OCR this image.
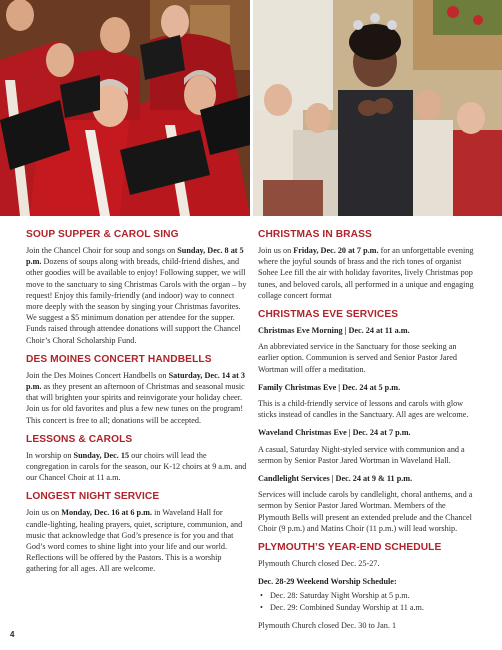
SOUP SUPPER & CAROL SING

Join the Chancel Choir for soup and songs on Sunday, Dec. 8 at 5 p.m. Dozens of soups along with breads, child-friend dishes, and other goodies will be available to enjoy! Following supper, we will move to the sanctuary to sing Christmas Carols with the organ – by request! Enjoy this family-friendly (and indoor) way to connect more deeply with the season by singing your Christmas favorites. We suggest a $5 minimum donation per attendee for the supper. Funds raised through attendee donations will support the Chancel Choir’s Choral Scholarship Fund.

DES MOINES CONCERT HANDBELLS

Join the Des Moines Concert Handbells on Saturday, Dec. 14 at 3 p.m. as they present an afternoon of Christmas and seasonal music that will brighten your spirits and reinvigorate your holiday cheer. Join us for old favorites and plus a few new tunes on the program! This concert is free to all; donations will be accepted.

LESSONS & CAROLS

In worship on Sunday, Dec. 15 our choirs will lead the congregation in carols for the season, our K-12 choirs at 9 a.m. and our Chancel Choir at 11 a.m.

LONGEST NIGHT SERVICE

Join us on Monday, Dec. 16 at 6 p.m. in Waveland Hall for candle-lighting, healing prayers, quiet, scripture, communion, and music that acknowledge that God’s presence is for you and that God’s word comes to shine light into your life and our world. Reflections will be offered by the Pastors. This is a worship gathering for all ages. All are welcome.

CHRISTMAS IN BRASS

Join us on Friday, Dec. 20 at 7 p.m. for an unforgettable evening where the joyful sounds of brass and the rich tones of organist Sohee Lee fill the air with holiday favorites, lively Christmas pop tunes, and beloved carols, all performed in a unique and engaging collage concert format

CHRISTMAS EVE SERVICES

Christmas Eve Morning | Dec. 24 at 11 a.m.

An abbreviated service in the Sanctuary for those seeking an earlier option. Communion is served and Senior Pastor Jared Wortman will offer a meditation.

Family Christmas Eve | Dec. 24 at 5 p.m.

This is a child-friendly service of lessons and carols with glow sticks instead of candles in the Sanctuary. All ages are welcome.

Waveland Christmas Eve | Dec. 24 at 7 p.m.

A casual, Saturday Night-styled service with communion and a sermon by Senior Pastor Jared Wortman in Waveland Hall.

Candlelight Services | Dec. 24 at 9 & 11 p.m.

Services will include carols by candlelight, choral anthems, and a sermon by Senior Pastor Jared Wortman. Members of the Plymouth Bells will present an extended prelude and the Chancel Choir (9 p.m.) and Matins Choir (11 p.m.) will lead worship.

PLYMOUTH’S YEAR-END SCHEDULE

Plymouth Church closed Dec. 25-27.

Dec. 28-29 Weekend Worship Schedule:

• Dec. 28: Saturday Night Worship at 5 p.m.
• Dec. 29: Combined Sunday Worship at 11 a.m.

Plymouth Church closed Dec. 30 to Jan. 1

4
